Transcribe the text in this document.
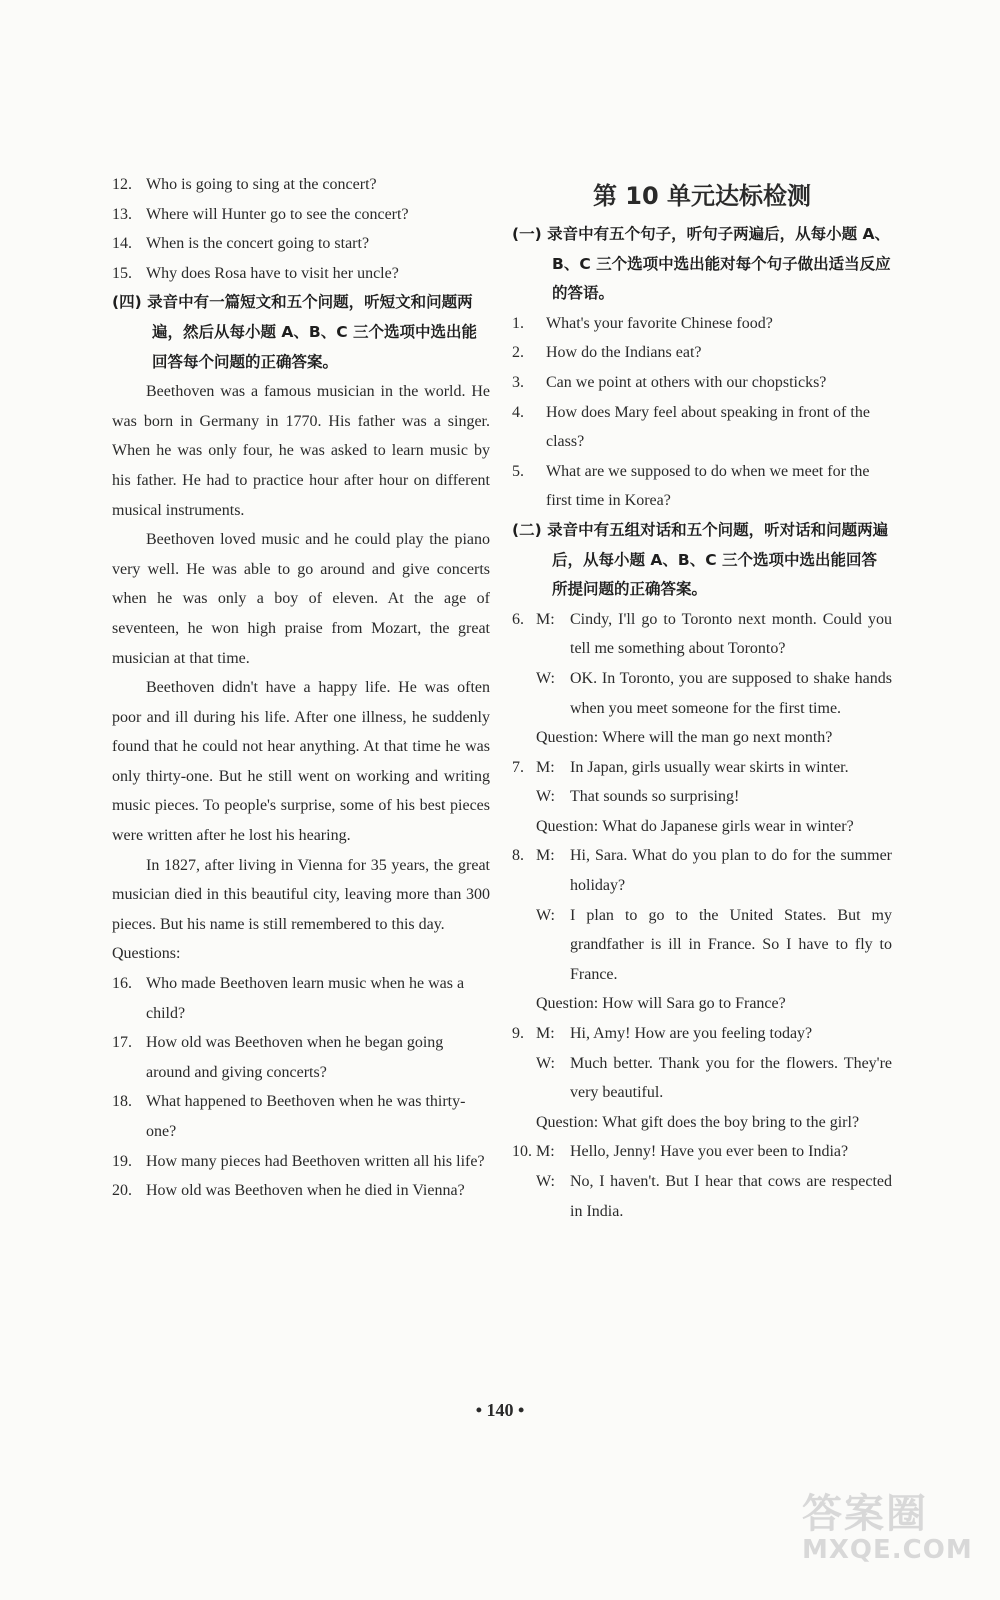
12. Who is going to sing at the concert?
13. Where will Hunter go to see the concert?
14. When is the concert going to start?
15. Why does Rosa have to visit her uncle?
(四) 录音中有一篇短文和五个问题，听短文和问题两遍，然后从每小题 A、B、C 三个选项中选出能回答每个问题的正确答案。
Beethoven was a famous musician in the world. He was born in Germany in 1770. His father was a singer. When he was only four, he was asked to learn music by his father. He had to practice hour after hour on different musical instruments.
Beethoven loved music and he could play the piano very well. He was able to go around and give concerts when he was only a boy of eleven. At the age of seventeen, he won high praise from Mozart, the great musician at that time.
Beethoven didn't have a happy life. He was often poor and ill during his life. After one illness, he suddenly found that he could not hear anything. At that time he was only thirty-one. But he still went on working and writing music pieces. To people's surprise, some of his best pieces were written after he lost his hearing.
In 1827, after living in Vienna for 35 years, the great musician died in this beautiful city, leaving more than 300 pieces. But his name is still remembered to this day.
Questions:
16. Who made Beethoven learn music when he was a child?
17. How old was Beethoven when he began going around and giving concerts?
18. What happened to Beethoven when he was thirty-one?
19. How many pieces had Beethoven written all his life?
20. How old was Beethoven when he died in Vienna?
第 10 单元达标检测
(一) 录音中有五个句子，听句子两遍后，从每小题 A、B、C 三个选项中选出能对每个句子做出适当反应的答语。
1.	What's your favorite Chinese food?
2.	How do the Indians eat?
3.	Can we point at others with our chopsticks?
4.	How does Mary feel about speaking in front of the class?
5.	What are we supposed to do when we meet for the first time in Korea?
(二) 录音中有五组对话和五个问题，听对话和问题两遍后，从每小题 A、B、C 三个选项中选出能回答所提问题的正确答案。
6. M: Cindy, I'll go to Toronto next month. Could you tell me something about Toronto?
W: OK. In Toronto, you are supposed to shake hands when you meet someone for the first time.
Question: Where will the man go next month?
7. M: In Japan, girls usually wear skirts in winter.
W: That sounds so surprising!
Question: What do Japanese girls wear in winter?
8. M: Hi, Sara. What do you plan to do for the summer holiday?
W: I plan to go to the United States. But my grandfather is ill in France. So I have to fly to France.
Question: How will Sara go to France?
9. M: Hi, Amy! How are you feeling today?
W: Much better. Thank you for the flowers. They're very beautiful.
Question: What gift does the boy bring to the girl?
10. M: Hello, Jenny! Have you ever been to India?
W: No, I haven't. But I hear that cows are respected in India.
• 140 •
答案圈
MXQE.COM
